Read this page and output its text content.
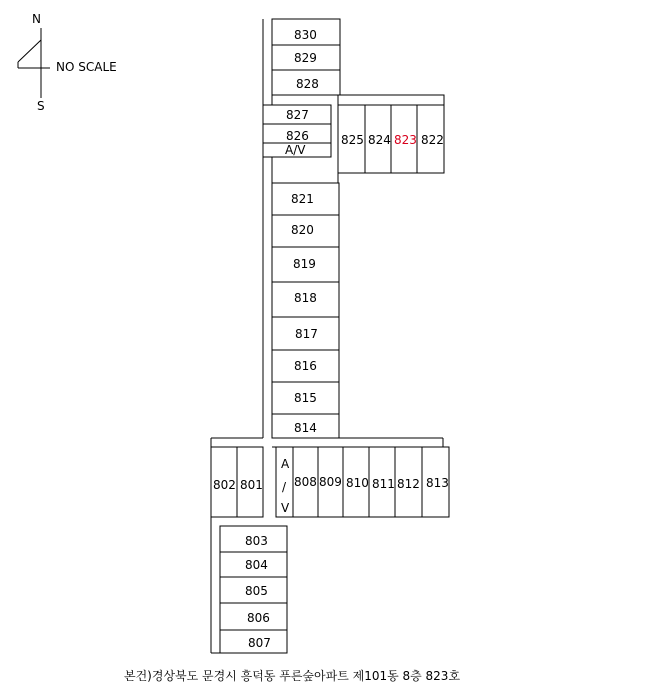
N
NO SCALE
S
830
829
828
827
826
A/V
825 824 823 822
821
820
819
818
817
816
815
814
802 801
A
/
V
808 809 810 811 812 813
803
804
805
806
807
본건)경상북도 문경시 흥덕동 푸른숲아파트 제101동 8층 823호
